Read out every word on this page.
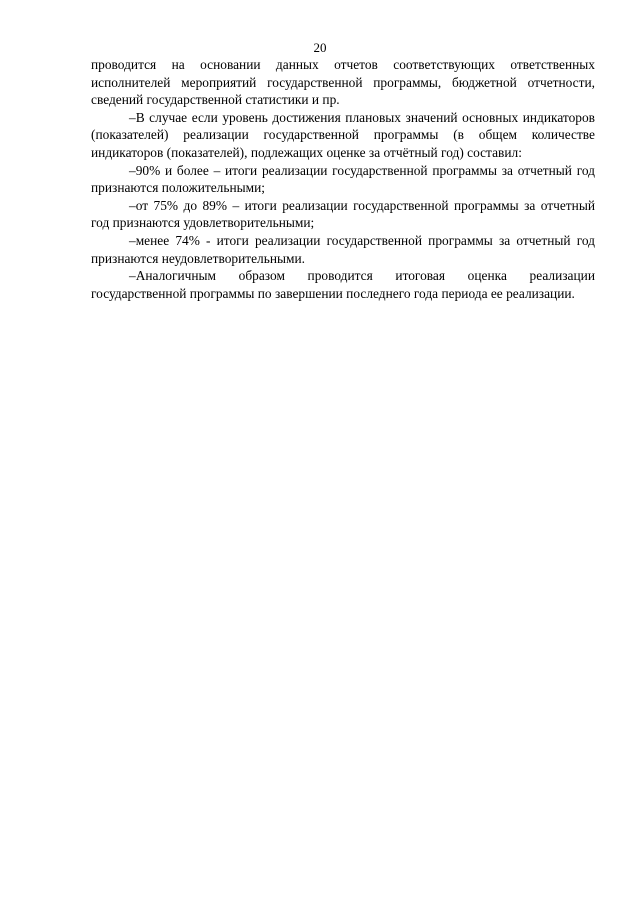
20

проводится на основании данных отчетов соответствующих ответственных исполнителей мероприятий государственной программы, бюджетной отчетности, сведений государственной статистики и пр.

–В случае если уровень достижения плановых значений основных индикаторов (показателей) реализации государственной программы (в общем количестве индикаторов (показателей), подлежащих оценке за отчётный год) составил:

–90% и более – итоги реализации государственной программы за отчетный год признаются положительными;

–от 75% до 89% – итоги реализации государственной программы за отчетный год признаются удовлетворительными;

–менее 74% - итоги реализации государственной программы за отчетный год признаются неудовлетворительными.

–Аналогичным образом проводится итоговая оценка реализации государственной программы по завершении последнего года периода ее реализации.
